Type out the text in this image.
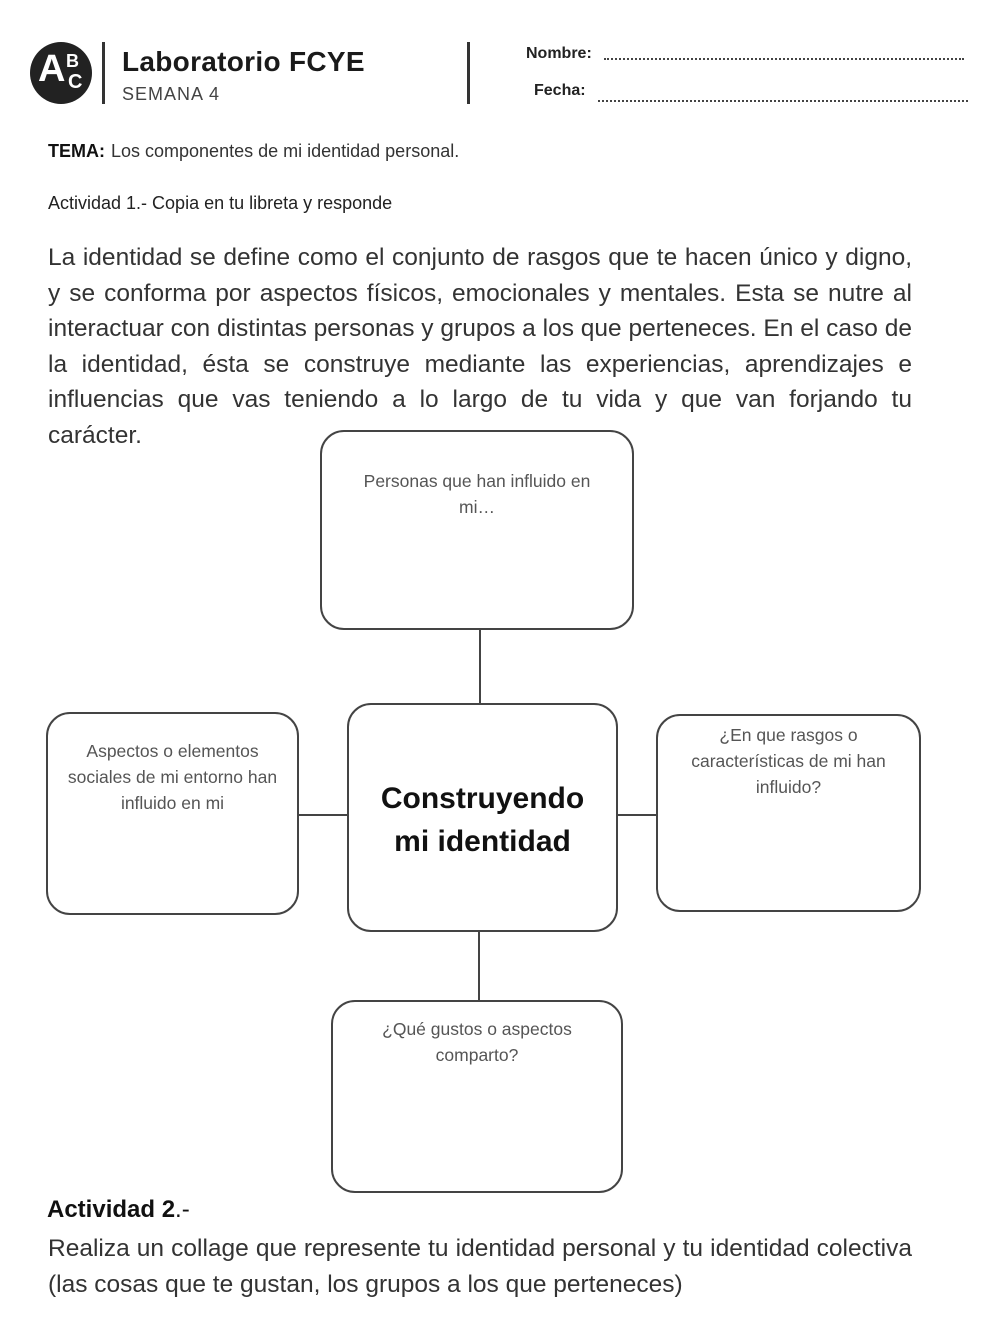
A B
C
Laboratorio FCYE
SEMANA 4
Nombre:
Fecha:
TEMA: Los componentes de mi identidad personal.
Actividad 1.- Copia en tu libreta y responde

La identidad se define como el conjunto de rasgos que te hacen único y digno, y se conforma por aspectos físicos, emocionales y mentales. Esta se nutre al interactuar con distintas personas y grupos a los que perteneces. En el caso de la identidad, ésta se construye mediante las experiencias, aprendizajes e influencias que vas teniendo a lo largo de tu vida y que van forjando tu carácter.

Personas que han influido en mi…
Aspectos o elementos sociales de mi entorno han influido en mi	Construyendo
mi identidad
¿En que rasgos o características de mi han influido?
¿Qué gustos o aspectos comparto?
Actividad 2.-

Realiza un collage que represente tu identidad personal y tu identidad colectiva (las cosas que te gustan, los grupos a los que perteneces)
